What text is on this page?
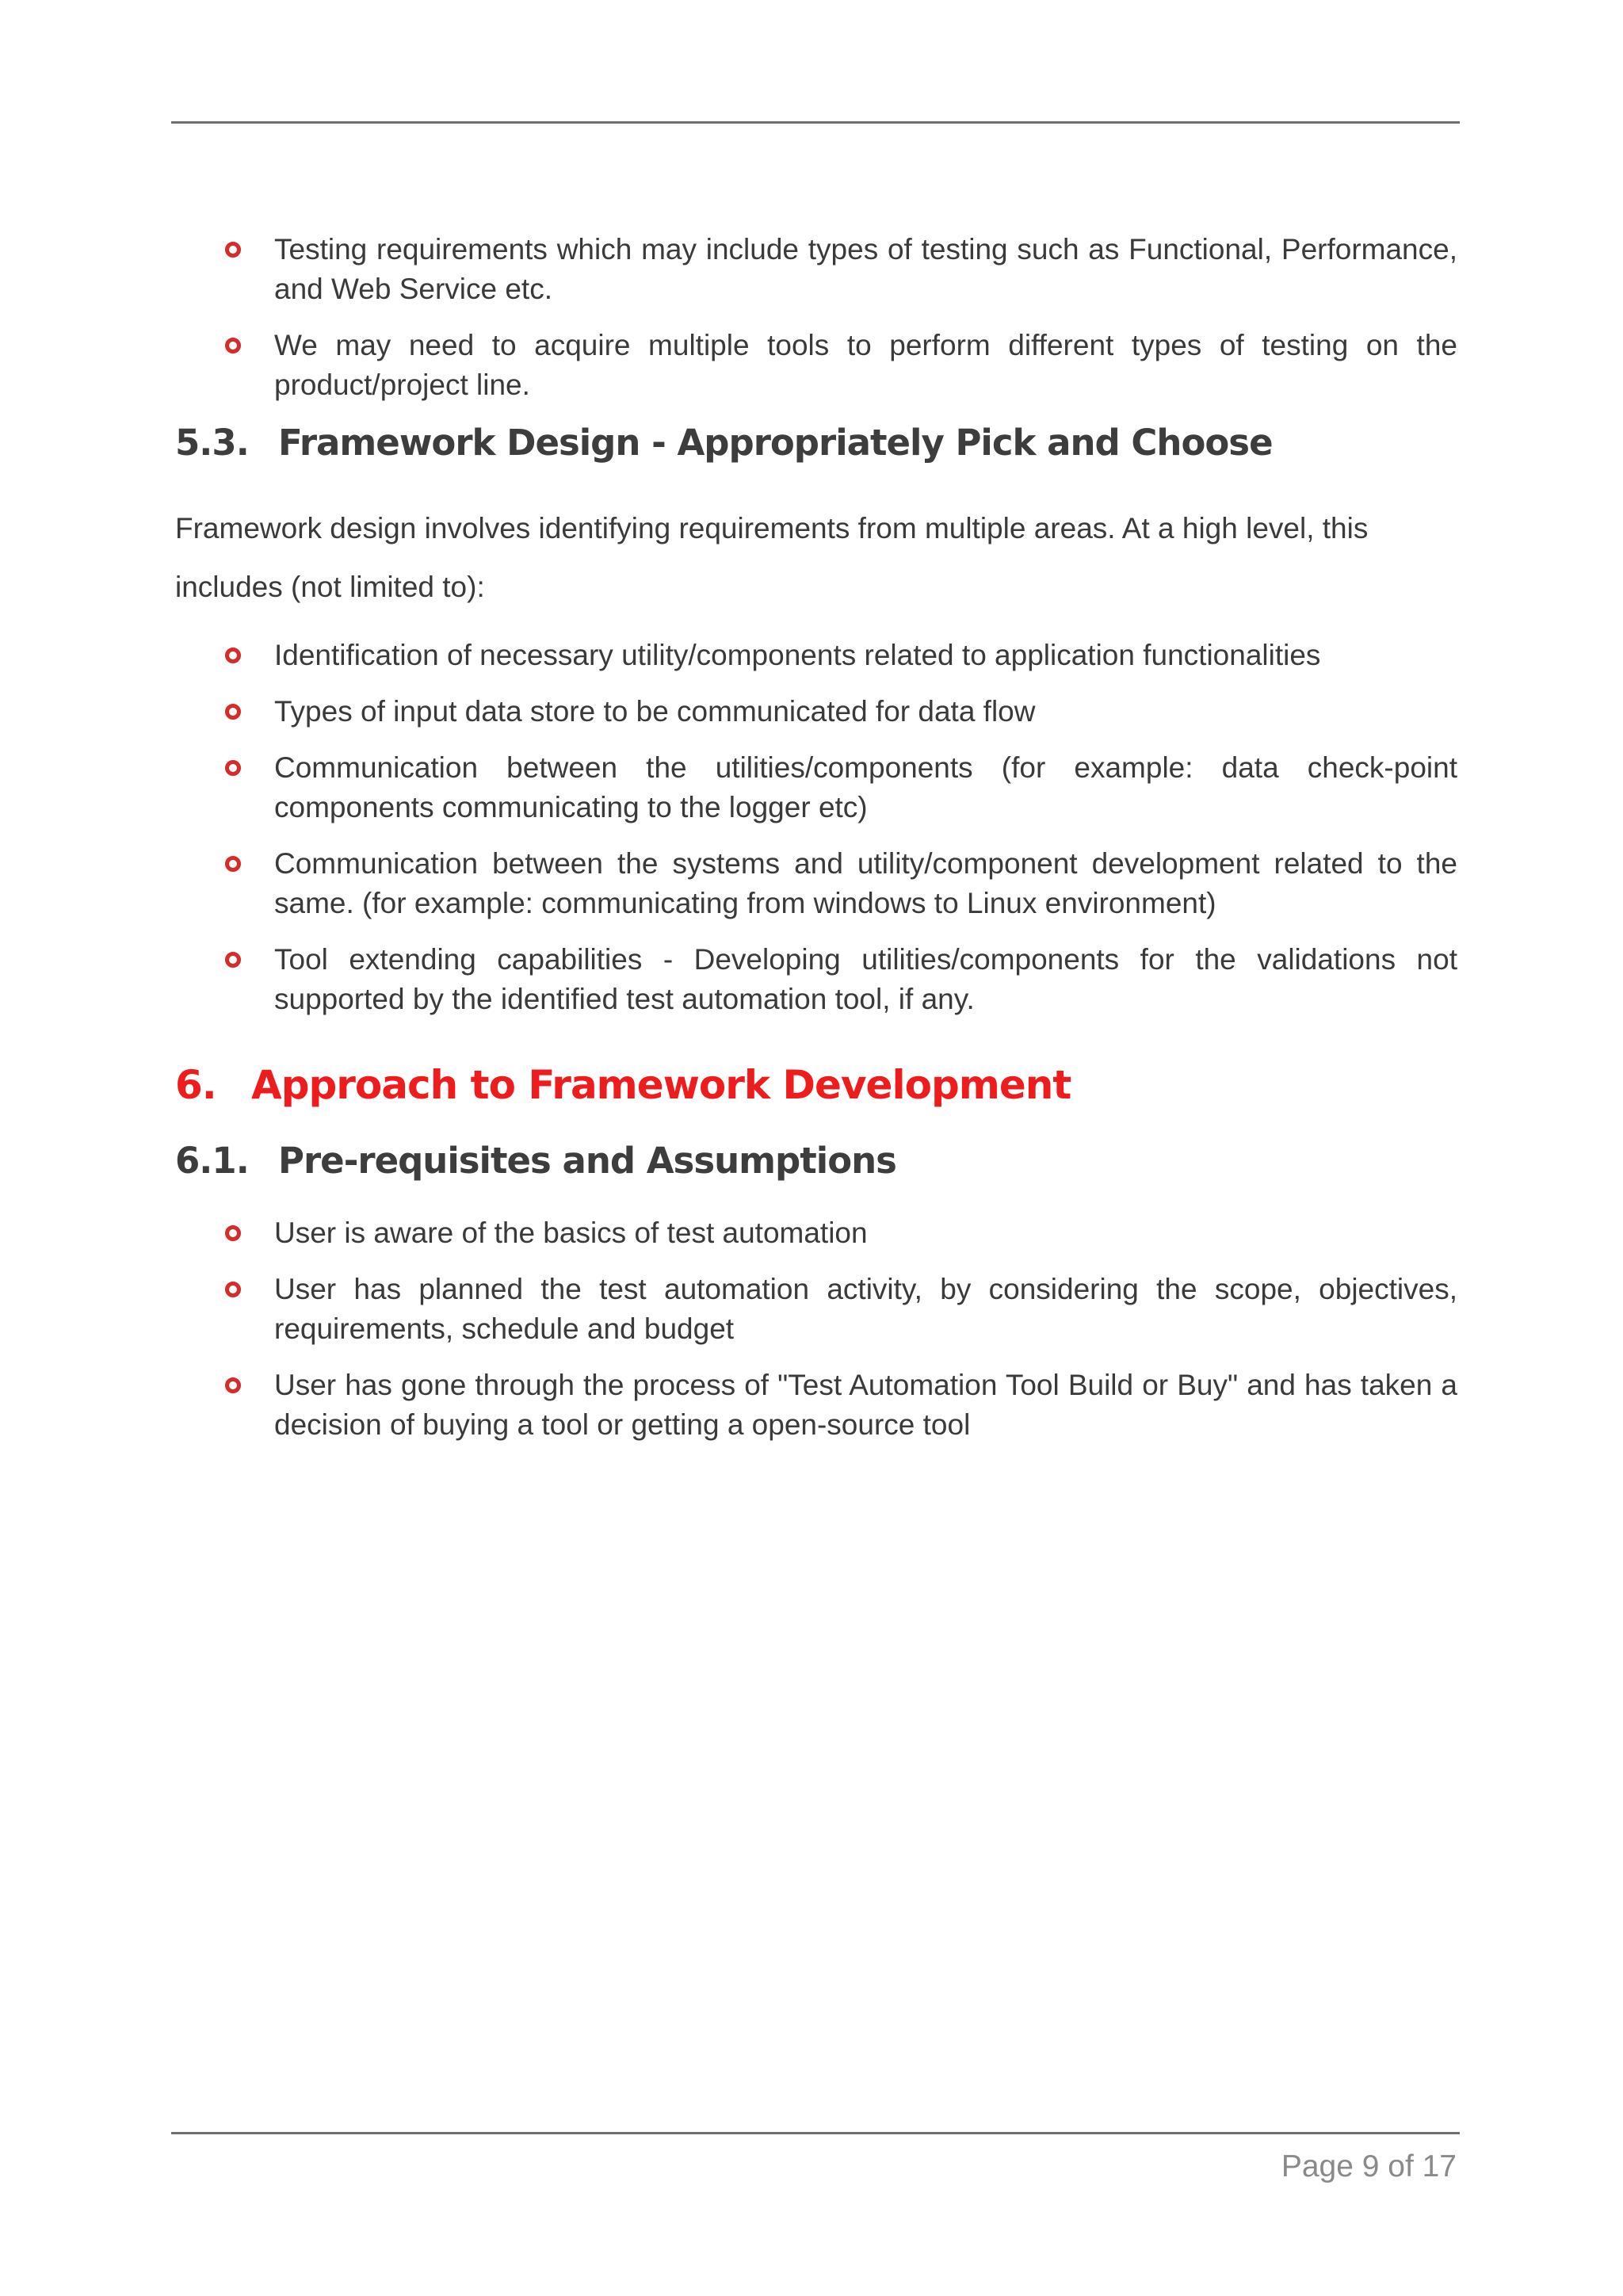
Testing requirements which may include types of testing such as Functional, Performance, and Web Service etc.
We may need to acquire multiple tools to perform different types of testing on the product/project line.
5.3. Framework Design - Appropriately Pick and Choose

Framework design involves identifying requirements from multiple areas. At a high level, this includes (not limited to):

Identification of necessary utility/components related to application functionalities
Types of input data store to be communicated for data flow
Communication between the utilities/components (for example: data check-point components communicating to the logger etc)
Communication between the systems and utility/component development related to the same. (for example: communicating from windows to Linux environment)
Tool extending capabilities - Developing utilities/components for the validations not supported by the identified test automation tool, if any.
6. Approach to Framework Development
6.1. Pre-requisites and Assumptions
User is aware of the basics of test automation
User has planned the test automation activity, by considering the scope, objectives, requirements, schedule and budget
User has gone through the process of "Test Automation Tool Build or Buy" and has taken a decision of buying a tool or getting a open-source tool
Page 9 of 17
